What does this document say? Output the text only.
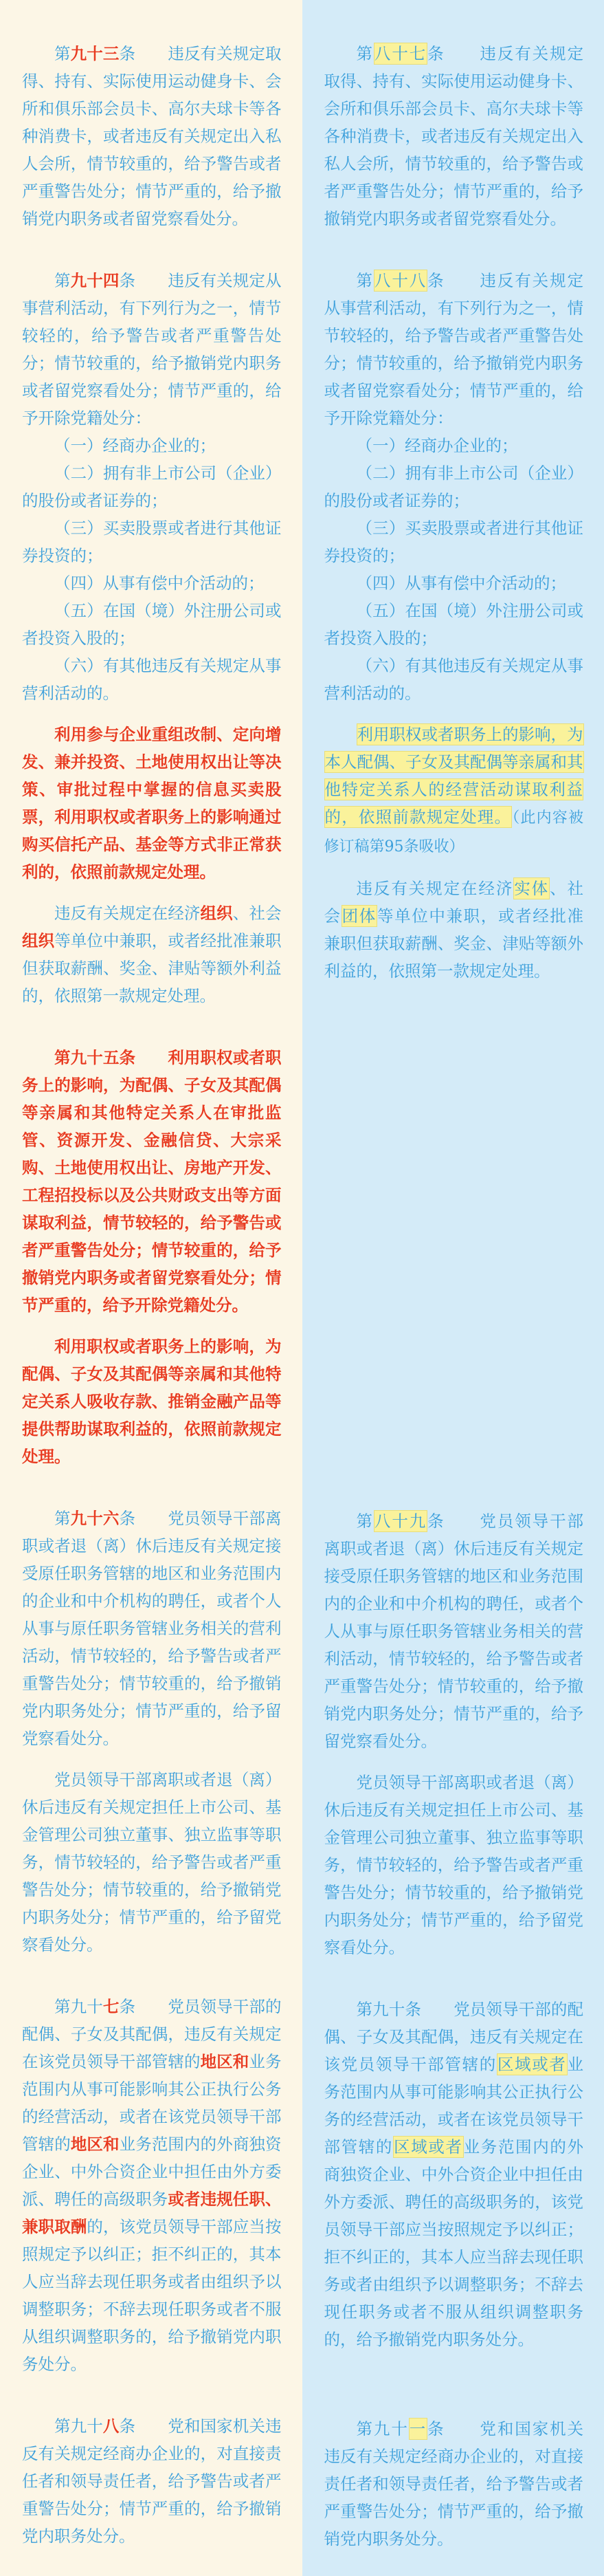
第九十三条　　违反有关规定取得、持有、实际使用运动健身卡、会所和俱乐部会员卡、高尔夫球卡等各种消费卡，或者违反有关规定出入私人会所，情节较重的，给予警告或者严重警告处分；情节严重的，给予撤销党内职务或者留党察看处分。

第九十四条　　违反有关规定从事营利活动，有下列行为之一，情节较轻的，给予警告或者严重警告处分；情节较重的，给予撤销党内职务或者留党察看处分；情节严重的，给予开除党籍处分：

（一）经商办企业的；

（二）拥有非上市公司（企业）的股份或者证券的；

（三）买卖股票或者进行其他证券投资的；

（四）从事有偿中介活动的；

（五）在国（境）外注册公司或者投资入股的；

（六）有其他违反有关规定从事营利活动的。

利用参与企业重组改制、定向增发、兼并投资、土地使用权出让等决策、审批过程中掌握的信息买卖股票，利用职权或者职务上的影响通过购买信托产品、基金等方式非正常获利的，依照前款规定处理。

违反有关规定在经济组织、社会组织等单位中兼职，或者经批准兼职但获取薪酬、奖金、津贴等额外利益的，依照第一款规定处理。

第九十五条　　利用职权或者职务上的影响，为配偶、子女及其配偶等亲属和其他特定关系人在审批监管、资源开发、金融信贷、大宗采购、土地使用权出让、房地产开发、工程招投标以及公共财政支出等方面谋取利益，情节较轻的，给予警告或者严重警告处分；情节较重的，给予撤销党内职务或者留党察看处分；情节严重的，给予开除党籍处分。

利用职权或者职务上的影响，为配偶、子女及其配偶等亲属和其他特定关系人吸收存款、推销金融产品等提供帮助谋取利益的，依照前款规定处理。

第九十六条　　党员领导干部离职或者退（离）休后违反有关规定接受原任职务管辖的地区和业务范围内的企业和中介机构的聘任，或者个人从事与原任职务管辖业务相关的营利活动，情节较轻的，给予警告或者严重警告处分；情节较重的，给予撤销党内职务处分；情节严重的，给予留党察看处分。

党员领导干部离职或者退（离）休后违反有关规定担任上市公司、基金管理公司独立董事、独立监事等职务，情节较轻的，给予警告或者严重警告处分；情节较重的，给予撤销党内职务处分；情节严重的，给予留党察看处分。

第九十七条　　党员领导干部的配偶、子女及其配偶，违反有关规定在该党员领导干部管辖的地区和业务范围内从事可能影响其公正执行公务的经营活动，或者在该党员领导干部管辖的地区和业务范围内的外商独资企业、中外合资企业中担任由外方委派、聘任的高级职务或者违规任职、兼职取酬的，该党员领导干部应当按照规定予以纠正；拒不纠正的，其本人应当辞去现任职务或者由组织予以调整职务；不辞去现任职务或者不服从组织调整职务的，给予撤销党内职务处分。

第九十八条　　党和国家机关违反有关规定经商办企业的，对直接责任者和领导责任者，给予警告或者严重警告处分；情节严重的，给予撤销党内职务处分。

第八十七条　　违反有关规定取得、持有、实际使用运动健身卡、会所和俱乐部会员卡、高尔夫球卡等各种消费卡，或者违反有关规定出入私人会所，情节较重的，给予警告或者严重警告处分；情节严重的，给予撤销党内职务或者留党察看处分。

第八十八条　　违反有关规定从事营利活动，有下列行为之一，情节较轻的，给予警告或者严重警告处分；情节较重的，给予撤销党内职务或者留党察看处分；情节严重的，给予开除党籍处分：

（一）经商办企业的；

（二）拥有非上市公司（企业）的股份或者证券的；

（三）买卖股票或者进行其他证券投资的；

（四）从事有偿中介活动的；

（五）在国（境）外注册公司或者投资入股的；

（六）有其他违反有关规定从事营利活动的。

利用职权或者职务上的影响，为本人配偶、子女及其配偶等亲属和其他特定关系人的经营活动谋取利益的，依照前款规定处理。（此内容被修订稿第95条吸收）

违反有关规定在经济实体、社会团体等单位中兼职，或者经批准兼职但获取薪酬、奖金、津贴等额外利益的，依照第一款规定处理。

第八十九条　　党员领导干部离职或者退（离）休后违反有关规定接受原任职务管辖的地区和业务范围内的企业和中介机构的聘任，或者个人从事与原任职务管辖业务相关的营利活动，情节较轻的，给予警告或者严重警告处分；情节较重的，给予撤销党内职务处分；情节严重的，给予留党察看处分。

党员领导干部离职或者退（离）休后违反有关规定担任上市公司、基金管理公司独立董事、独立监事等职务，情节较轻的，给予警告或者严重警告处分；情节较重的，给予撤销党内职务处分；情节严重的，给予留党察看处分。

第九十条　　党员领导干部的配偶、子女及其配偶，违反有关规定在该党员领导干部管辖的区域或者业务范围内从事可能影响其公正执行公务的经营活动，或者在该党员领导干部管辖的区域或者业务范围内的外商独资企业、中外合资企业中担任由外方委派、聘任的高级职务的，该党员领导干部应当按照规定予以纠正；拒不纠正的，其本人应当辞去现任职务或者由组织予以调整职务；不辞去现任职务或者不服从组织调整职务的，给予撤销党内职务处分。

第九十一条　　党和国家机关违反有关规定经商办企业的，对直接责任者和领导责任者，给予警告或者严重警告处分；情节严重的，给予撤销党内职务处分。
